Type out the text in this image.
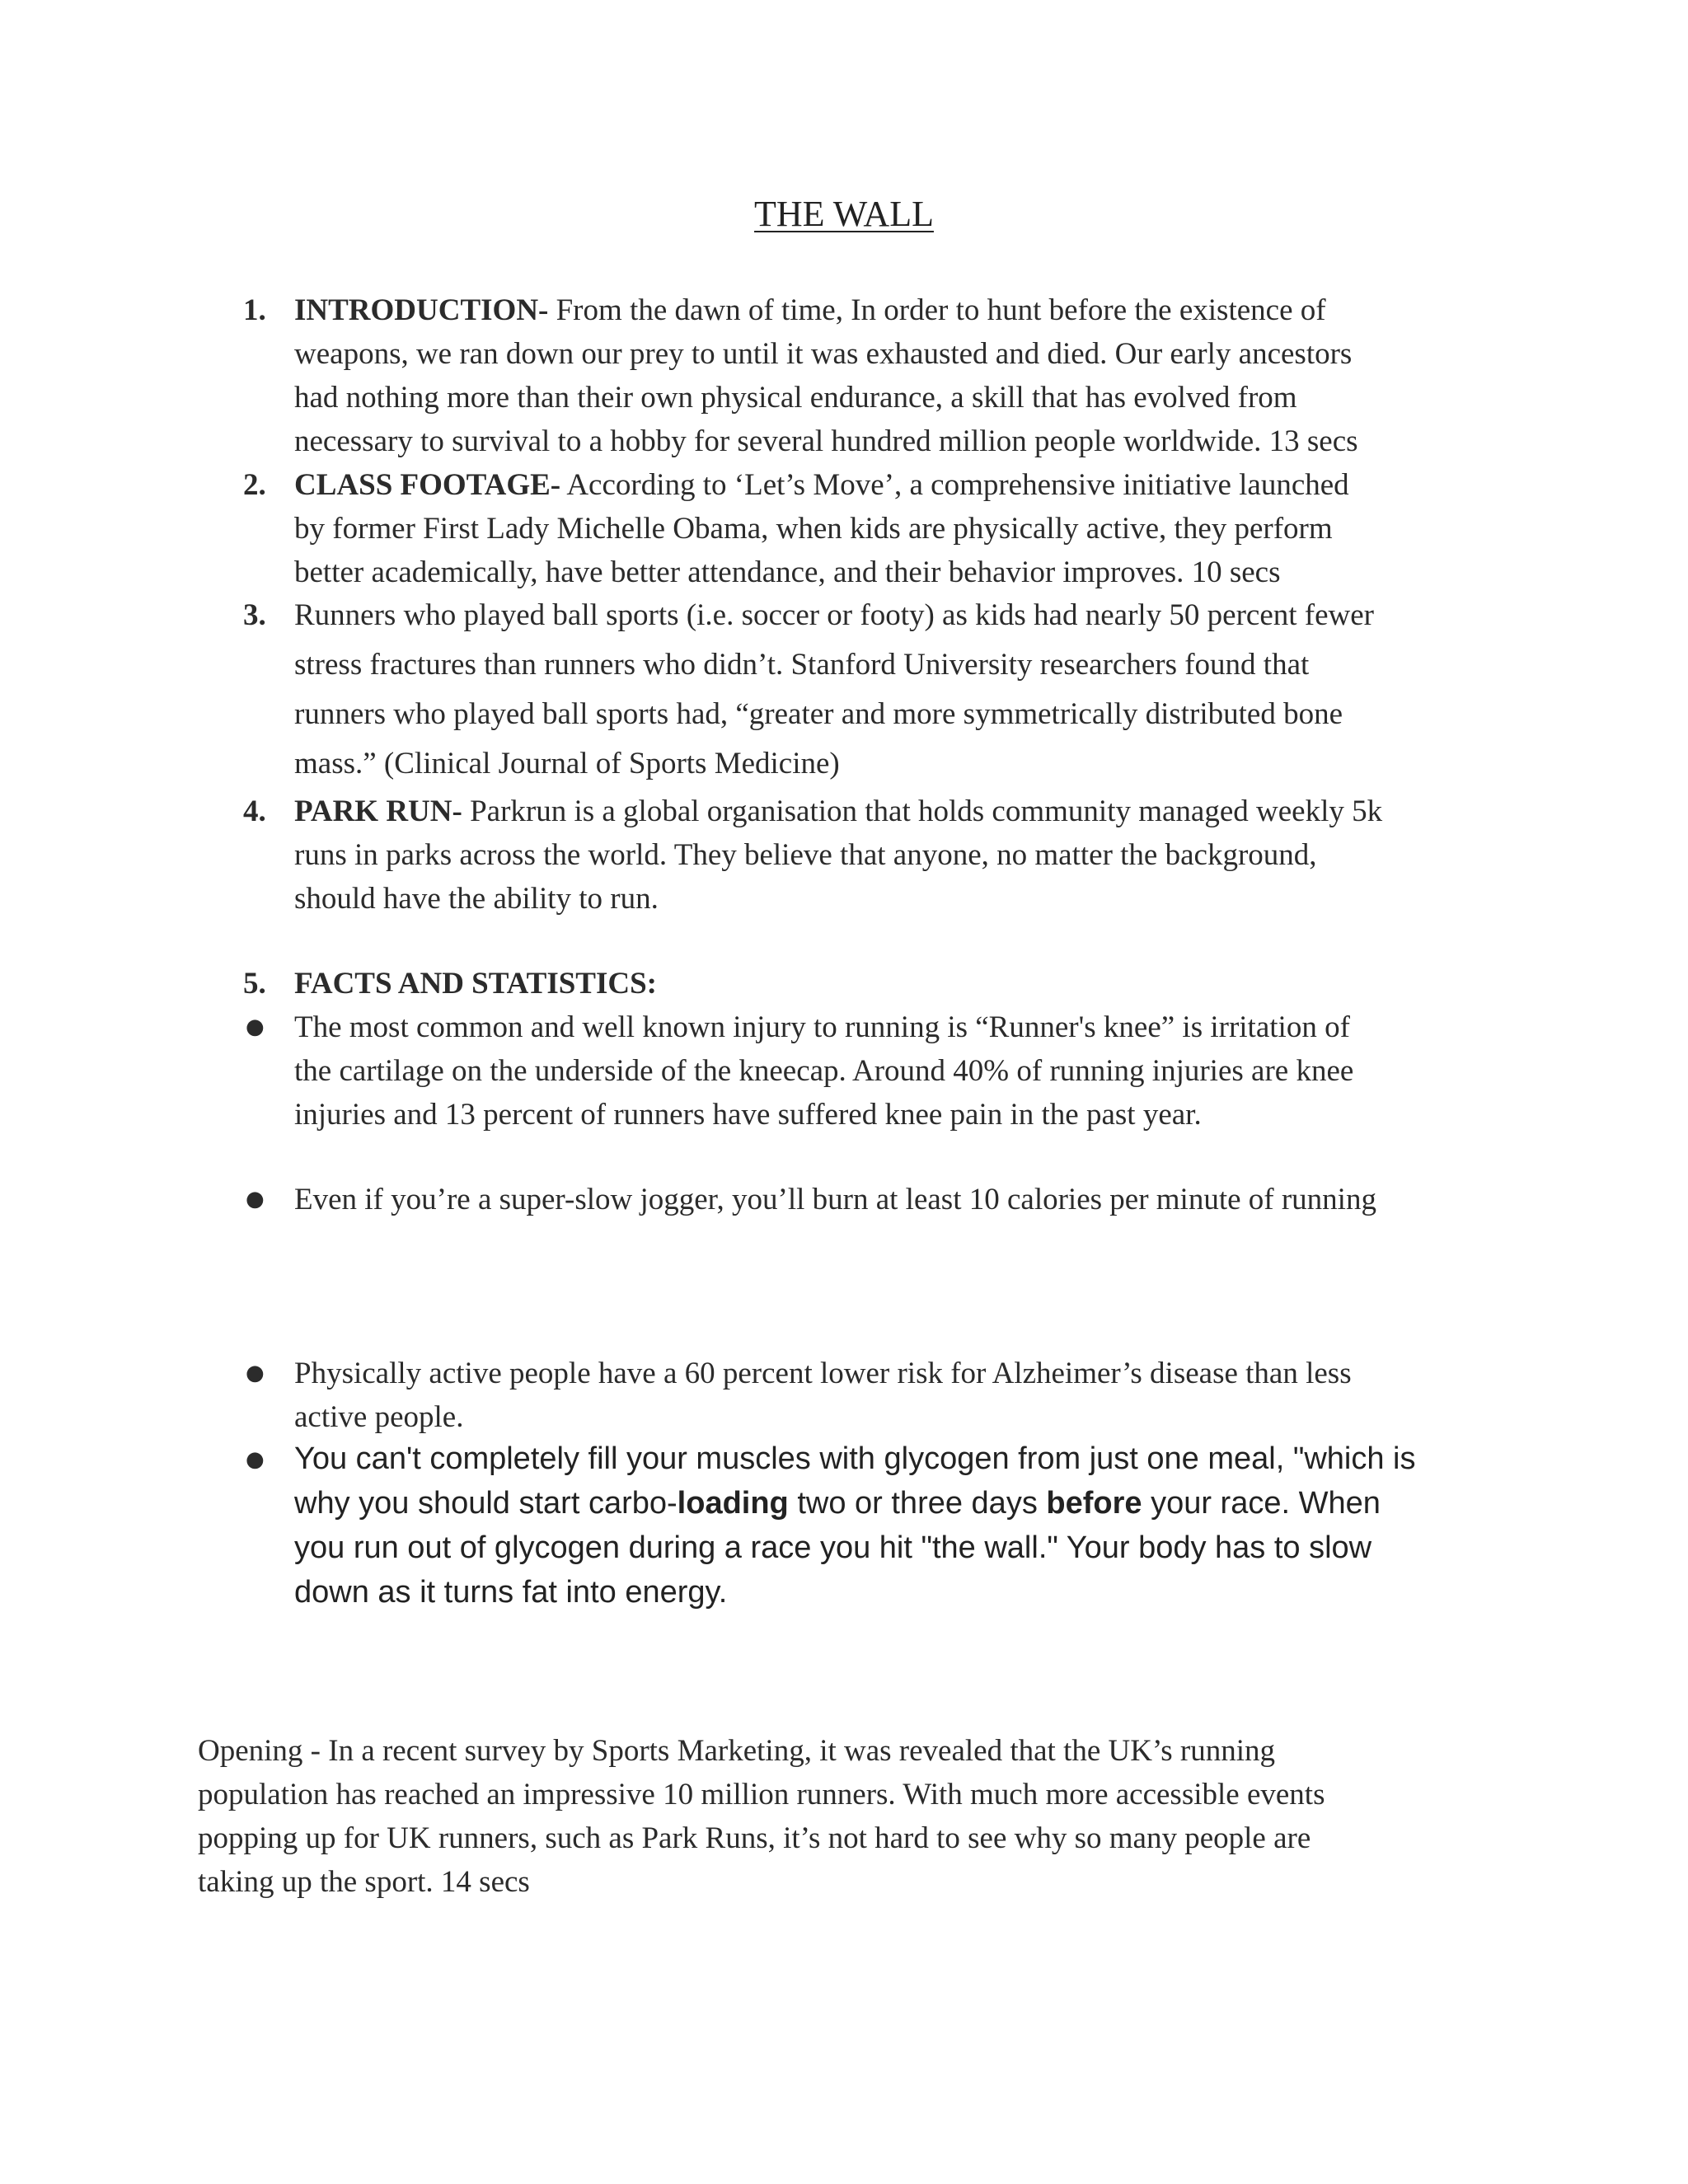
THE WALL
1. INTRODUCTION- From the dawn of time, In order to hunt before the existence of
weapons, we ran down our prey to until it was exhausted and died. Our early ancestors
had nothing more than their own physical endurance, a skill that has evolved from
necessary to survival to a hobby for several hundred million people worldwide. 13 secs
2. CLASS FOOTAGE- According to ‘Let’s Move’, a comprehensive initiative launched
by former First Lady Michelle Obama, when kids are physically active, they perform
better academically, have better attendance, and their behavior improves. 10 secs
3. Runners who played ball sports (i.e. soccer or footy) as kids had nearly 50 percent fewer
stress fractures than runners who didn’t. Stanford University researchers found that
runners who played ball sports had, “greater and more symmetrically distributed bone
mass.” (Clinical Journal of Sports Medicine)
4. PARK RUN- Parkrun is a global organisation that holds community managed weekly 5k
runs in parks across the world. They believe that anyone, no matter the background,
should have the ability to run.
5. FACTS AND STATISTICS:
● The most common and well known injury to running is “Runner's knee” is irritation of
the cartilage on the underside of the kneecap. Around 40% of running injuries are knee
injuries and 13 percent of runners have suffered knee pain in the past year.
● Even if you’re a super-slow jogger, you’ll burn at least 10 calories per minute of running
● Physically active people have a 60 percent lower risk for Alzheimer’s disease than less
active people.
● You can't completely fill your muscles with glycogen from just one meal, "which is
why you should start carbo-loading two or three days before your race. When
you run out of glycogen during a race you hit "the wall." Your body has to slow
down as it turns fat into energy.
Opening - In a recent survey by Sports Marketing, it was revealed that the UK’s running
population has reached an impressive 10 million runners. With much more accessible events
popping up for UK runners, such as Park Runs, it’s not hard to see why so many people are
taking up the sport. 14 secs
